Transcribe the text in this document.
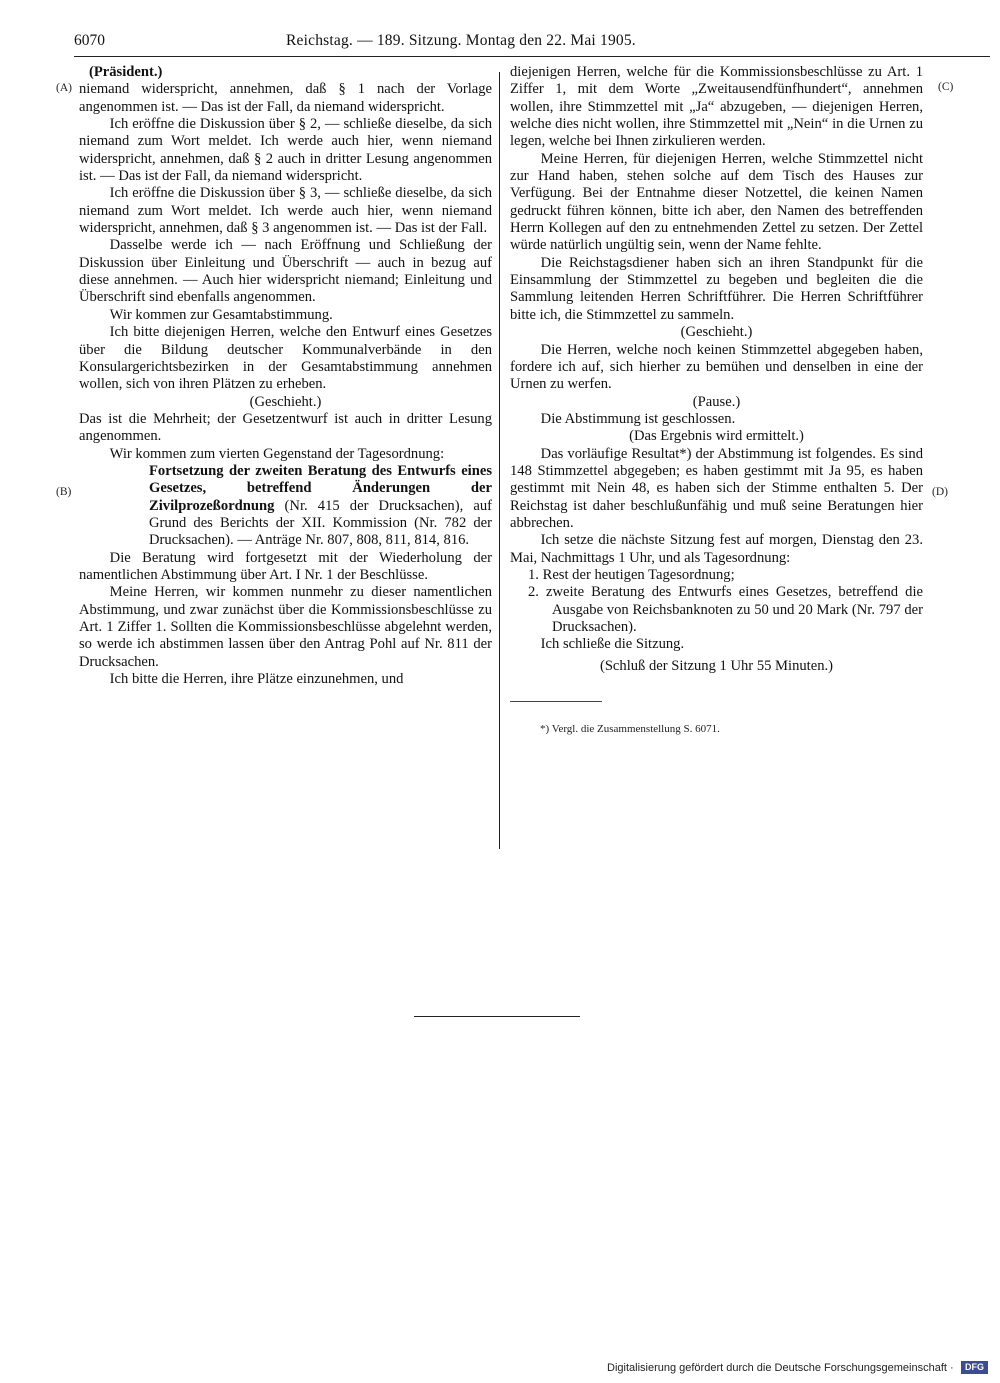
6070	Reichstag. — 189. Sitzung. Montag den 22. Mai 1905.
(A)
(B)
(C)
(D)

(Präsident.)

niemand widerspricht, annehmen, daß § 1 nach der Vorlage angenommen ist. — Das ist der Fall, da niemand widerspricht.

Ich eröffne die Diskussion über § 2, — schließe dieselbe, da sich niemand zum Wort meldet. Ich werde auch hier, wenn niemand widerspricht, annehmen, daß § 2 auch in dritter Lesung angenommen ist. — Das ist der Fall, da niemand widerspricht.

Ich eröffne die Diskussion über § 3, — schließe dieselbe, da sich niemand zum Wort meldet. Ich werde auch hier, wenn niemand widerspricht, annehmen, daß § 3 angenommen ist. — Das ist der Fall.

Dasselbe werde ich — nach Eröffnung und Schließung der Diskussion über Einleitung und Überschrift — auch in bezug auf diese annehmen. — Auch hier widerspricht niemand; Einleitung und Überschrift sind ebenfalls angenommen.

Wir kommen zur Gesamtabstimmung.

Ich bitte diejenigen Herren, welche den Entwurf eines Gesetzes über die Bildung deutscher Kommunalverbände in den Konsulargerichtsbezirken in der Gesamtabstimmung annehmen wollen, sich von ihren Plätzen zu erheben.

(Geschieht.)

Das ist die Mehrheit; der Gesetzentwurf ist auch in dritter Lesung angenommen.

Wir kommen zum vierten Gegenstand der Tagesordnung:

Fortsetzung der zweiten Beratung des Entwurfs eines Gesetzes, betreffend Änderungen der Zivilprozeßordnung (Nr. 415 der Drucksachen), auf Grund des Berichts der XII. Kommission (Nr. 782 der Drucksachen). — Anträge Nr. 807, 808, 811, 814, 816.

Die Beratung wird fortgesetzt mit der Wiederholung der namentlichen Abstimmung über Art. I Nr. 1 der Beschlüsse.

Meine Herren, wir kommen nunmehr zu dieser namentlichen Abstimmung, und zwar zunächst über die Kommissionsbeschlüsse zu Art. 1 Ziffer 1. Sollten die Kommissionsbeschlüsse abgelehnt werden, so werde ich abstimmen lassen über den Antrag Pohl auf Nr. 811 der Drucksachen.

Ich bitte die Herren, ihre Plätze einzunehmen, und

diejenigen Herren, welche für die Kommissionsbeschlüsse zu Art. 1 Ziffer 1, mit dem Worte „Zweitausendfünfhundert“, annehmen wollen, ihre Stimmzettel mit „Ja“ abzugeben, — diejenigen Herren, welche dies nicht wollen, ihre Stimmzettel mit „Nein“ in die Urnen zu legen, welche bei Ihnen zirkulieren werden.

Meine Herren, für diejenigen Herren, welche Stimmzettel nicht zur Hand haben, stehen solche auf dem Tisch des Hauses zur Verfügung. Bei der Entnahme dieser Notzettel, die keinen Namen gedruckt führen können, bitte ich aber, den Namen des betreffenden Herrn Kollegen auf den zu entnehmenden Zettel zu setzen. Der Zettel würde natürlich ungültig sein, wenn der Name fehlte.

Die Reichstagsdiener haben sich an ihren Standpunkt für die Einsammlung der Stimmzettel zu begeben und begleiten die die Sammlung leitenden Herren Schriftführer. Die Herren Schriftführer bitte ich, die Stimmzettel zu sammeln.

(Geschieht.)

Die Herren, welche noch keinen Stimmzettel abgegeben haben, fordere ich auf, sich hierher zu bemühen und denselben in eine der Urnen zu werfen.

(Pause.)

Die Abstimmung ist geschlossen.

(Das Ergebnis wird ermittelt.)

Das vorläufige Resultat*) der Abstimmung ist folgendes. Es sind 148 Stimmzettel abgegeben; es haben gestimmt mit Ja 95, es haben gestimmt mit Nein 48, es haben sich der Stimme enthalten 5. Der Reichstag ist daher beschlußunfähig und muß seine Beratungen hier abbrechen.

Ich setze die nächste Sitzung fest auf morgen, Dienstag den 23. Mai, Nachmittags 1 Uhr, und als Tagesordnung:

1. Rest der heutigen Tagesordnung;

2. zweite Beratung des Entwurfs eines Gesetzes, betreffend die Ausgabe von Reichsbanknoten zu 50 und 20 Mark (Nr. 797 der Drucksachen).

Ich schließe die Sitzung.

(Schluß der Sitzung 1 Uhr 55 Minuten.)

*) Vergl. die Zusammenstellung S. 6071.

Digitalisierung gefördert durch die Deutsche Forschungsgemeinschaft ·	DFG
